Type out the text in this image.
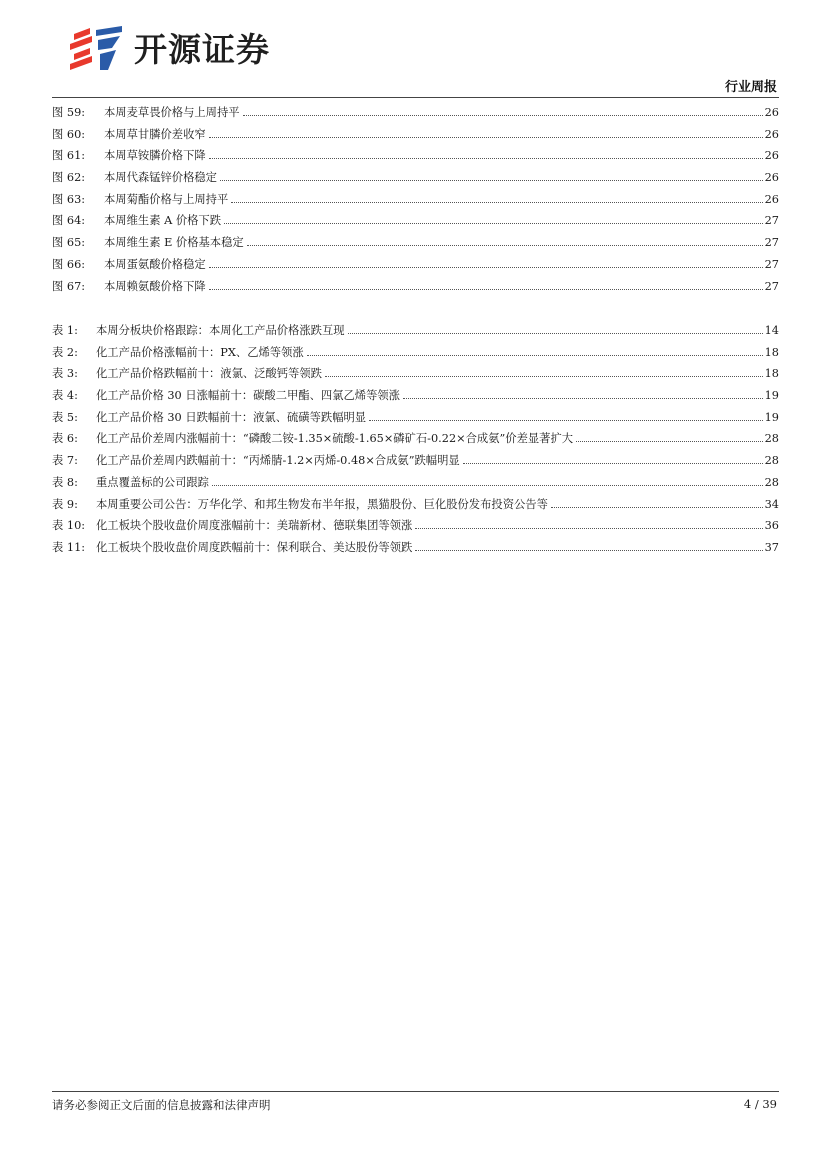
开源证券
行业周报
图 59:	本周麦草畏价格与上周持平	26
图 60:	本周草甘膦价差收窄	26
图 61:	本周草铵膦价格下降	26
图 62:	本周代森锰锌价格稳定	26
图 63:	本周菊酯价格与上周持平	26
图 64:	本周维生素 A 价格下跌	27
图 65:	本周维生素 E 价格基本稳定	27
图 66:	本周蛋氨酸价格稳定	27
图 67:	本周赖氨酸价格下降	27
表 1:	本周分板块价格跟踪：本周化工产品价格涨跌互现	14
表 2:	化工产品价格涨幅前十：PX、乙烯等领涨	18
表 3:	化工产品价格跌幅前十：液氯、泛酸钙等领跌	18
表 4:	化工产品价格 30 日涨幅前十：碳酸二甲酯、四氯乙烯等领涨	19
表 5:	化工产品价格 30 日跌幅前十：液氯、硫磺等跌幅明显	19
表 6:	化工产品价差周内涨幅前十：“磷酸二铵-1.35×硫酸-1.65×磷矿石-0.22×合成氨”价差显著扩大	28
表 7:	化工产品价差周内跌幅前十：“丙烯腈-1.2×丙烯-0.48×合成氨”跌幅明显	28
表 8:	重点覆盖标的公司跟踪	28
表 9:	本周重要公司公告：万华化学、和邦生物发布半年报，黑猫股份、巨化股份发布投资公告等	34
表 10: 化工板块个股收盘价周度涨幅前十：美瑞新材、德联集团等领涨	36
表 11: 化工板块个股收盘价周度跌幅前十：保利联合、美达股份等领跌	37
请务必参阅正文后面的信息披露和法律声明	4 / 39
